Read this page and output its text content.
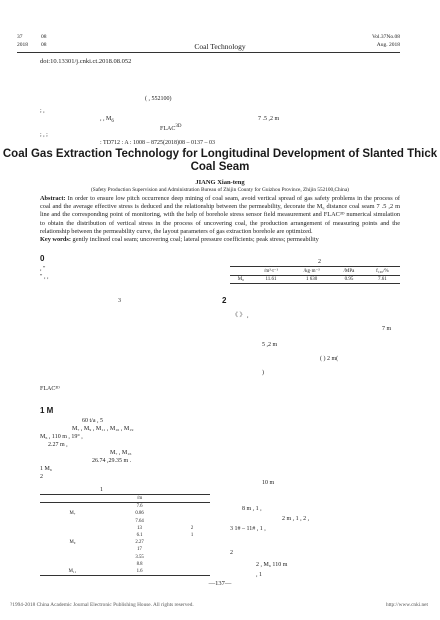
37	08
2018 08	Coal Technology
Vol.37No.08
Aug. 2018
doi:10.13301/j.cnki.ct.2018.08.052
( , 552100)
; ,
, , $M_6$	7 .5 ,2 m
$FLAC^{3D}$
; , ;
: TD712 : A : 1008 – 8725(2018)08 – 0137 – 03
Coal Gas Extraction Technology for Longitudinal Development of Slanted Thick Coal Seam
JIANG Xian-teng
(Safety Production Supervision and Administration Bureau of Zhijin County for Guizhou Province, Zhijin 552100,China)
Abstract: In order to ensure low pitch occurrence deep mining of coal seam, avoid vertical spread of gas safety problems in the process of coal and the average effective stress is deduced and the relationship between the permeability, decorate the M₆ distance coal seam 7 .5 ,2 m line and the corresponding point of monitoring, with the help of borehole stress sensor field measurement and FLAC³ᴰ numerical simulation to obtain the distribution of vertical stress in the process of uncovering coal, the production arrangement of measuring points and the relationship between the permeability curve, the layout parameters of gas extraction borehole are optimized.
Key words: gently inclined coal seam; uncovering coal; lateral pressure coefficients; peak stress; permeability
0
, "
" , ,
3
FLAC³ᴰ
1 M
60 t/a , 5
M₇ , M₉ , M₁₁ , M₁₆ , M₁₉
M₆ , 110 m , 19° ,
2.27 m ,
M₇ , M₁₆
26.74 ,29.35 m .
1 M₆
2
1
	/m	
	7.6	
M₇	0.86	
	7.64	
	13	2
	6.1	1
M₉	2.27	
	17	
	3.55	
	8.8	
M₁₁	1.6	
2
	/m³·t⁻¹	/kg·m⁻³	/MPa	f₁₀₀/%
M₆	11.61	1 630	0.95	7.61
2
《 》 ,
7 m
5 ,2 m
( ) 2 m(
)
10 m
8 m , 1 ,
2 m , 1 , 2 ,
3 1# – 11# , 1 ,
2
2 , M₆ 110 m
, 1
—137—
?1994-2018 China Academic Journal Electronic Publishing House. All rights reserved.	http://www.cnki.net
